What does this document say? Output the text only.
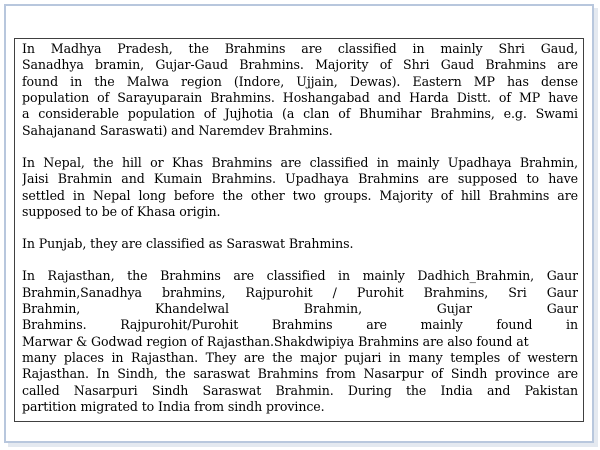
In Madhya Pradesh, the Brahmins are classified in mainly Shri Gaud,
Sanadhya bramin, Gujar-Gaud Brahmins. Majority of Shri Gaud Brahmins are
found in the Malwa region (Indore, Ujjain, Dewas). Eastern MP has dense
population of Sarayuparain Brahmins. Hoshangabad and Harda Distt. of MP have
a considerable population of Jujhotia (a clan of Bhumihar Brahmins, e.g. Swami
Sahajanand Saraswati) and Naremdev Brahmins.
In Nepal, the hill or Khas Brahmins are classified in mainly Upadhaya Brahmin,
Jaisi Brahmin and Kumain Brahmins. Upadhaya Brahmins are supposed to have
settled in Nepal long before the other two groups. Majority of hill Brahmins are
supposed to be of Khasa origin.
In Punjab, they are classified as Saraswat Brahmins.
In Rajasthan, the Brahmins are classified in mainly Dadhich_Brahmin, Gaur
Brahmin,Sanadhya brahmins, Rajpurohit / Purohit Brahmins, Sri Gaur
Brahmin, Khandelwal Brahmin, Gujar Gaur
Brahmins. Rajpurohit/Purohit Brahmins are mainly found in
Marwar & Godwad region of Rajasthan.Shakdwipiya Brahmins are also found at
many places in Rajasthan. They are the major pujari in many temples of western
Rajasthan. In Sindh, the saraswat Brahmins from Nasarpur of Sindh province are
called Nasarpuri Sindh Saraswat Brahmin. During the India and Pakistan
partition migrated to India from sindh province.
